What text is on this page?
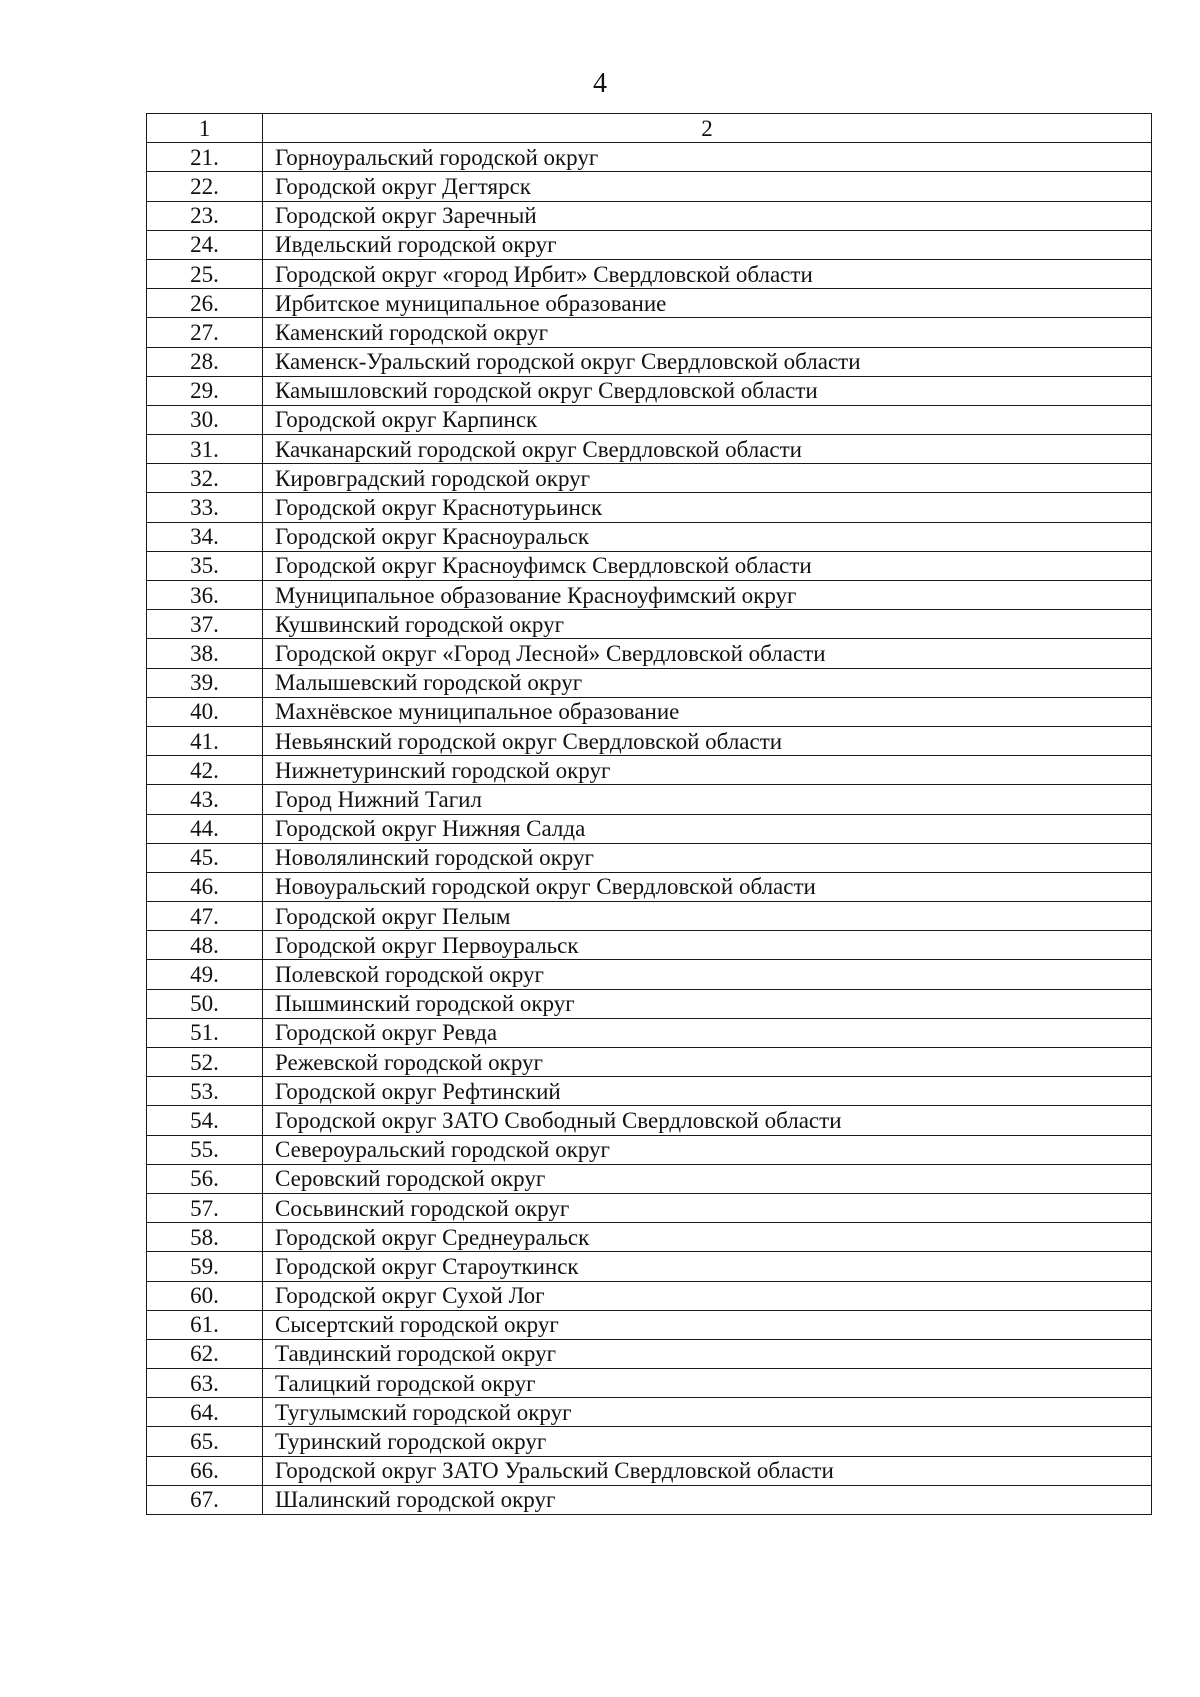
4
1	2
21.	Горноуральский городской округ
22.	Городской округ Дегтярск
23.	Городской округ Заречный
24.	Ивдельский городской округ
25.	Городской округ «город Ирбит» Свердловской области
26.	Ирбитское муниципальное образование
27.	Каменский городской округ
28.	Каменск-Уральский городской округ Свердловской области
29.	Камышловский городской округ Свердловской области
30.	Городской округ Карпинск
31.	Качканарский городской округ Свердловской области
32.	Кировградский городской округ
33.	Городской округ Краснотурьинск
34.	Городской округ Красноуральск
35.	Городской округ Красноуфимск Свердловской области
36.	Муниципальное образование Красноуфимский округ
37.	Кушвинский городской округ
38.	Городской округ «Город Лесной» Свердловской области
39.	Малышевский городской округ
40.	Махнёвское муниципальное образование
41.	Невьянский городской округ Свердловской области
42.	Нижнетуринский городской округ
43.	Город Нижний Тагил
44.	Городской округ Нижняя Салда
45.	Новолялинский городской округ
46.	Новоуральский городской округ Свердловской области
47.	Городской округ Пелым
48.	Городской округ Первоуральск
49.	Полевской городской округ
50.	Пышминский городской округ
51.	Городской округ Ревда
52.	Режевской городской округ
53.	Городской округ Рефтинский
54.	Городской округ ЗАТО Свободный Свердловской области
55.	Североуральский городской округ
56.	Серовский городской округ
57.	Сосьвинский городской округ
58.	Городской округ Среднеуральск
59.	Городской округ Староуткинск
60.	Городской округ Сухой Лог
61.	Сысертский городской округ
62.	Тавдинский городской округ
63.	Талицкий городской округ
64.	Тугулымский городской округ
65.	Туринский городской округ
66.	Городской округ ЗАТО Уральский Свердловской области
67.	Шалинский городской округ
